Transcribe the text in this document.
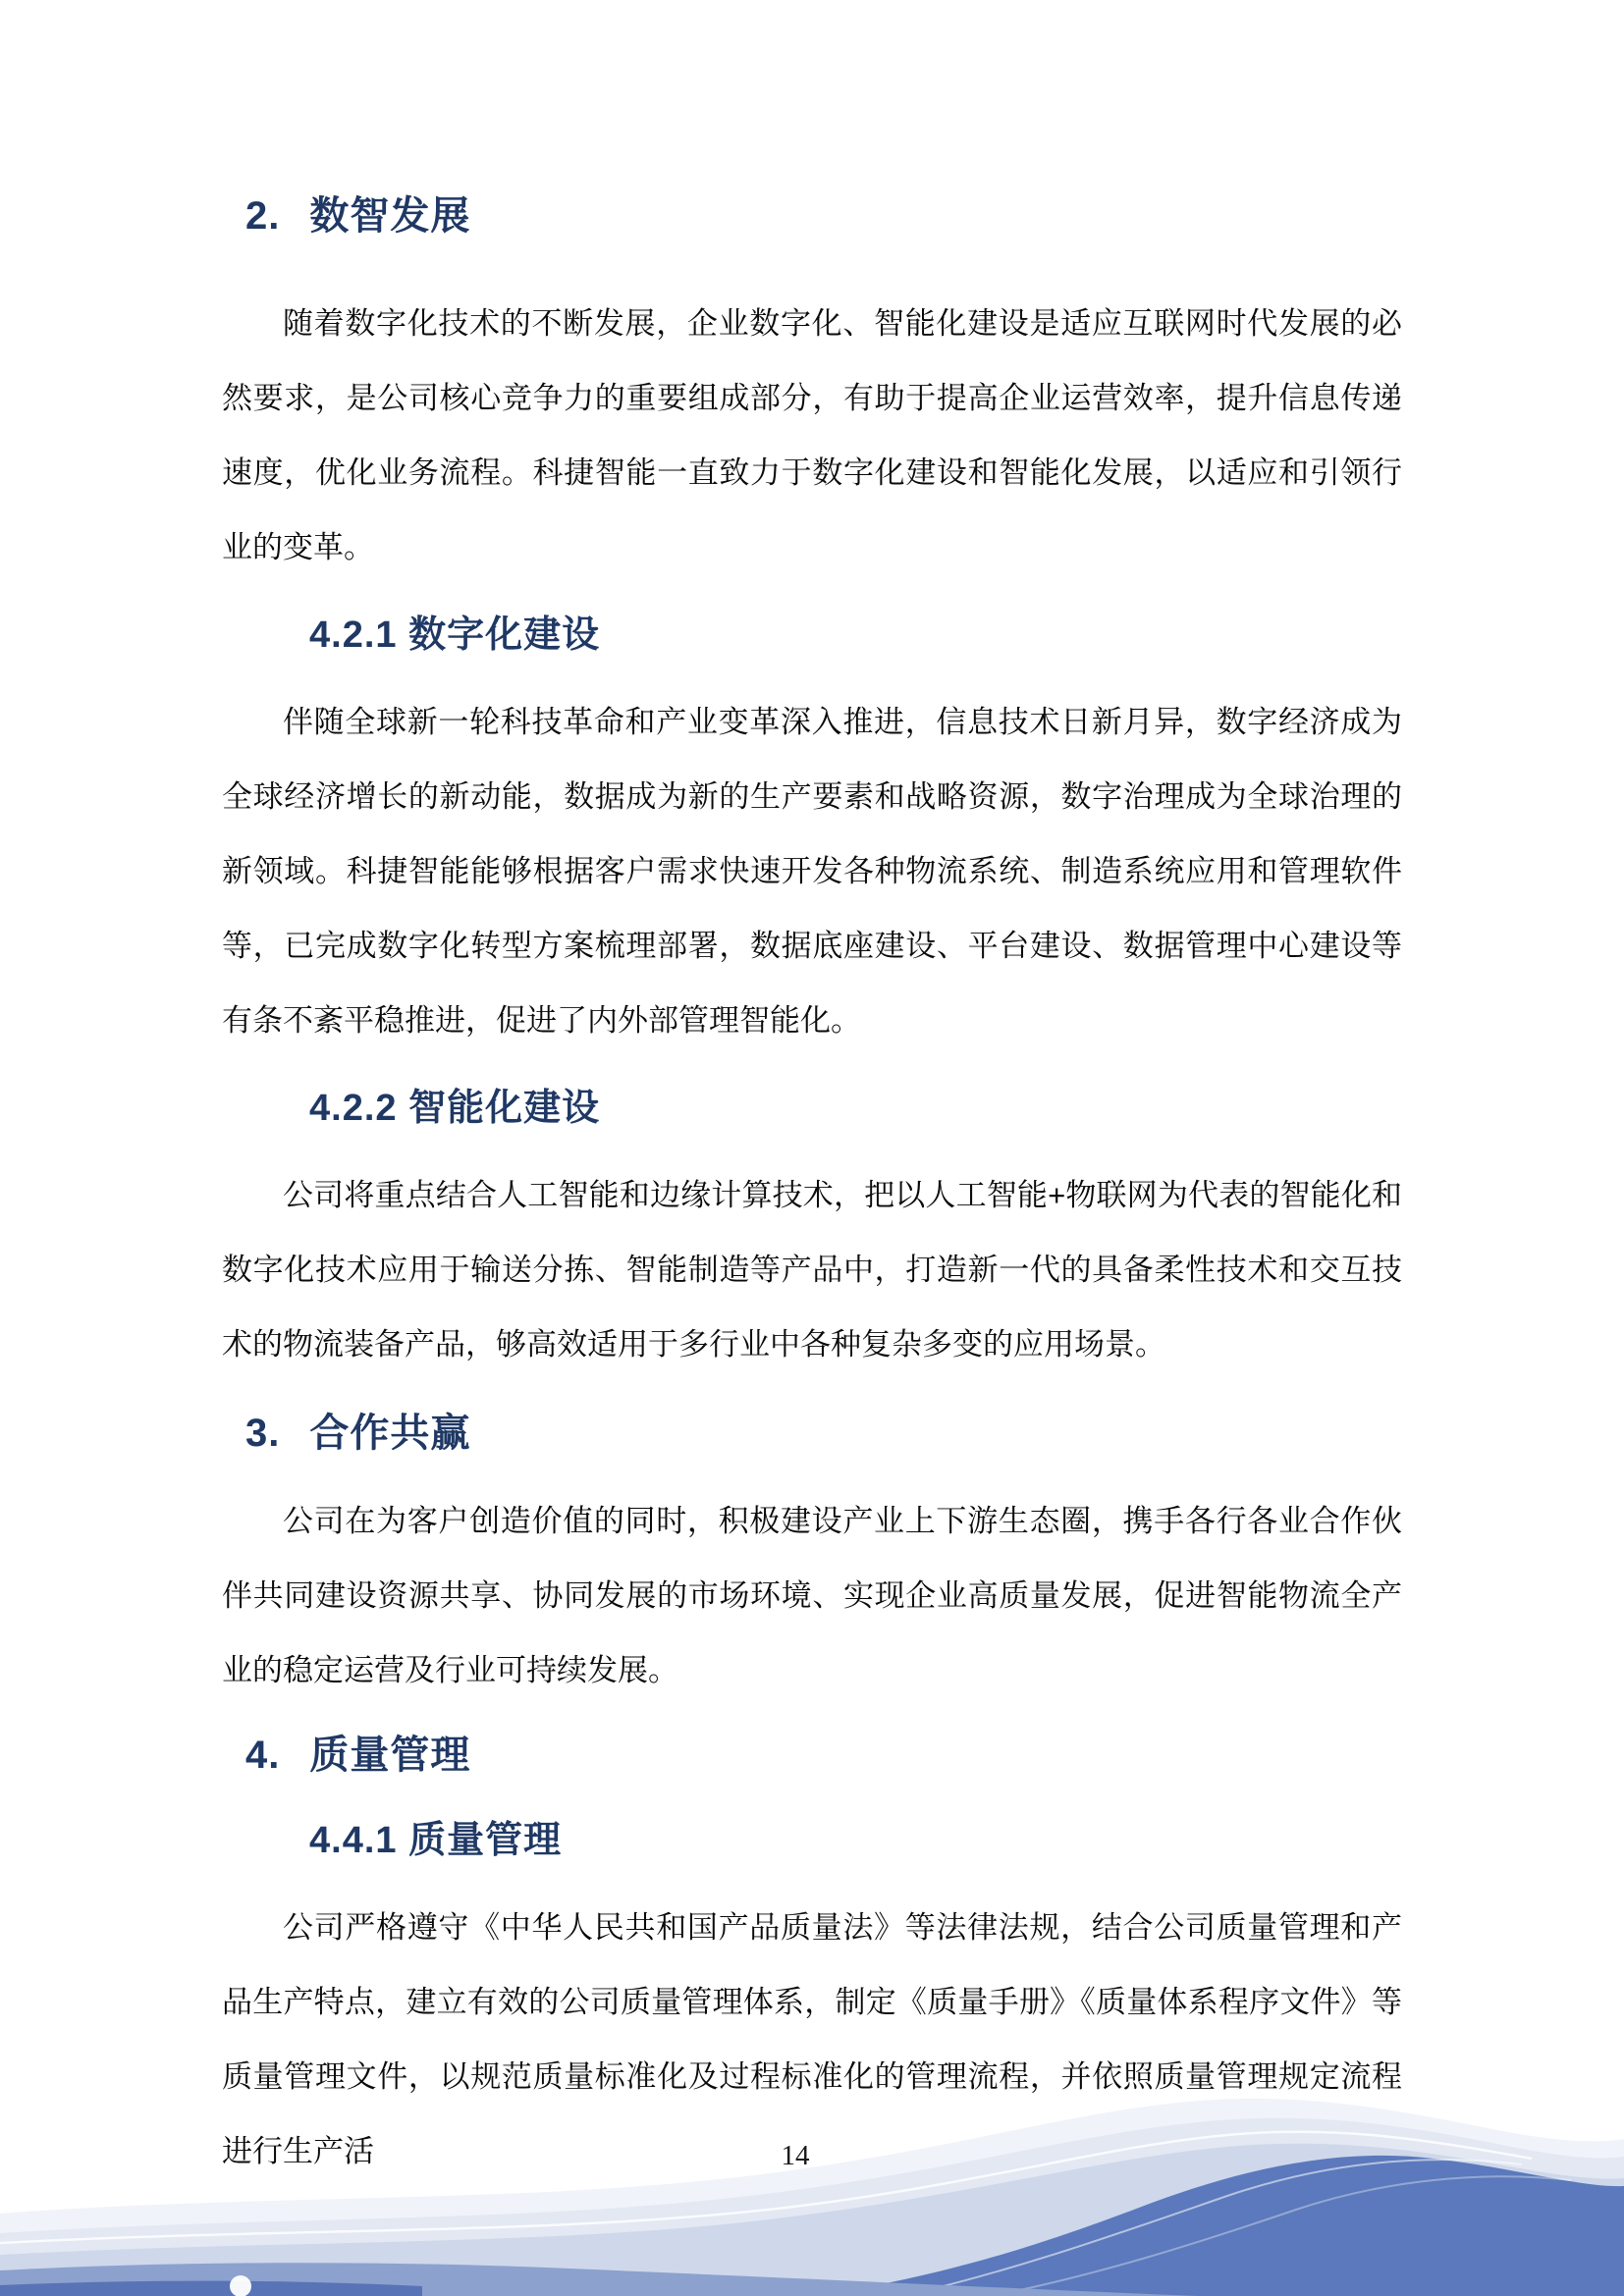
2. 数智发展

随着数字化技术的不断发展，企业数字化、智能化建设是适应互联网时代发展的必然要求，是公司核心竞争力的重要组成部分，有助于提高企业运营效率，提升信息传递速度，优化业务流程。科捷智能一直致力于数字化建设和智能化发展，以适应和引领行业的变革。

4.2.1 数字化建设

伴随全球新一轮科技革命和产业变革深入推进，信息技术日新月异，数字经济成为全球经济增长的新动能，数据成为新的生产要素和战略资源，数字治理成为全球治理的新领域。科捷智能能够根据客户需求快速开发各种物流系统、制造系统应用和管理软件等，已完成数字化转型方案梳理部署，数据底座建设、平台建设、数据管理中心建设等有条不紊平稳推进，促进了内外部管理智能化。

4.2.2 智能化建设

公司将重点结合人工智能和边缘计算技术，把以人工智能+物联网为代表的智能化和数字化技术应用于输送分拣、智能制造等产品中，打造新一代的具备柔性技术和交互技术的物流装备产品，够高效适用于多行业中各种复杂多变的应用场景。

3. 合作共赢

公司在为客户创造价值的同时，积极建设产业上下游生态圈，携手各行各业合作伙伴共同建设资源共享、协同发展的市场环境、实现企业高质量发展，促进智能物流全产业的稳定运营及行业可持续发展。

4. 质量管理
4.4.1 质量管理

公司严格遵守《中华人民共和国产品质量法》等法律法规，结合公司质量管理和产品生产特点，建立有效的公司质量管理体系，制定《质量手册》《质量体系程序文件》等质量管理文件，以规范质量标准化及过程标准化的管理流程，并依照质量管理规定流程进行生产活	14
